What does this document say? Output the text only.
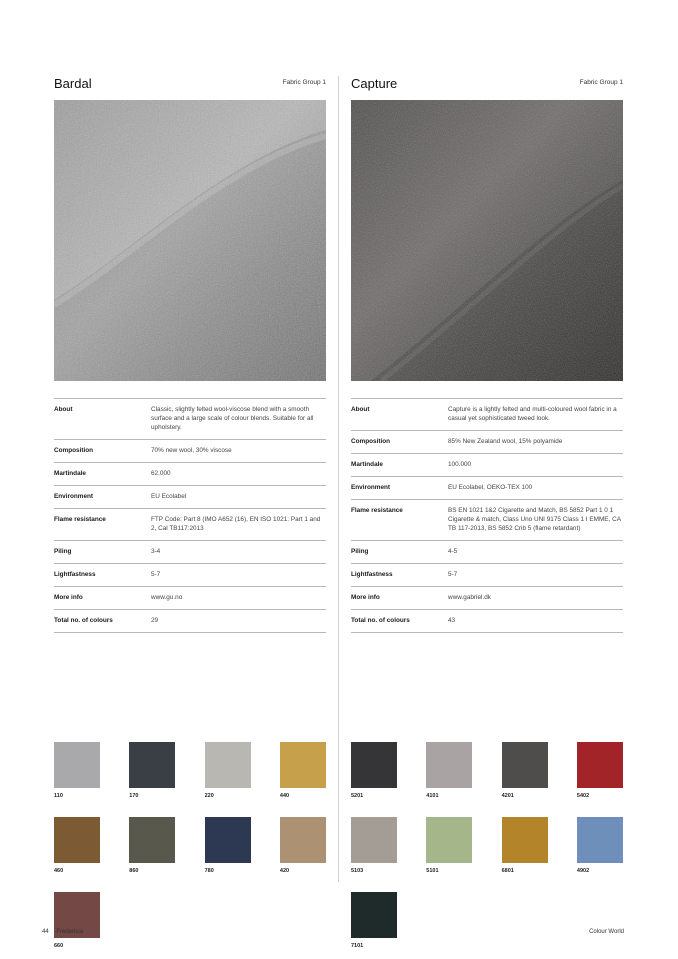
Bardal	Fabric Group 1
About	Classic, slightly felted wool-viscose blend with a smooth surface and a large scale of colour blends. Suitable for all upholstery.
Composition	70% new wool, 30% viscose
Martindale	62.000
Environment	EU Ecolabel
Flame resistance	FTP Code: Part 8 (IMO A652 (16), EN ISO 1021: Part 1 and 2, Cal TB117:2013
Piling	3-4
Lightfastness	5-7
More info	www.gu.no
Total no. of colours	29
110	170	220	440
460	860	780	420
660
Capture	Fabric Group 1
About	Capture is a lightly felted and multi-coloured wool fabric in a casual yet sophisticated tweed look.
Composition	85% New Zealand wool, 15% polyamide
Martindale	100.000
Environment	EU Ecolabel, OEKO-TEX 100
Flame resistance	BS EN 1021 1&2 Cigarette and Match, BS 5852 Part 1 0 1 Cigarette & match, Class Uno UNI 9175 Class 1 I EMME, CA TB 117-2013, BS 5852 Crib 5 (flame retardant)
Piling	4-5
Lightfastness	5-7
More info	www.gabriel.dk
Total no. of colours	43
5201	4101	4201	5402
5103	5101	6801	4902
7101
44 Fredericia	Colour World
